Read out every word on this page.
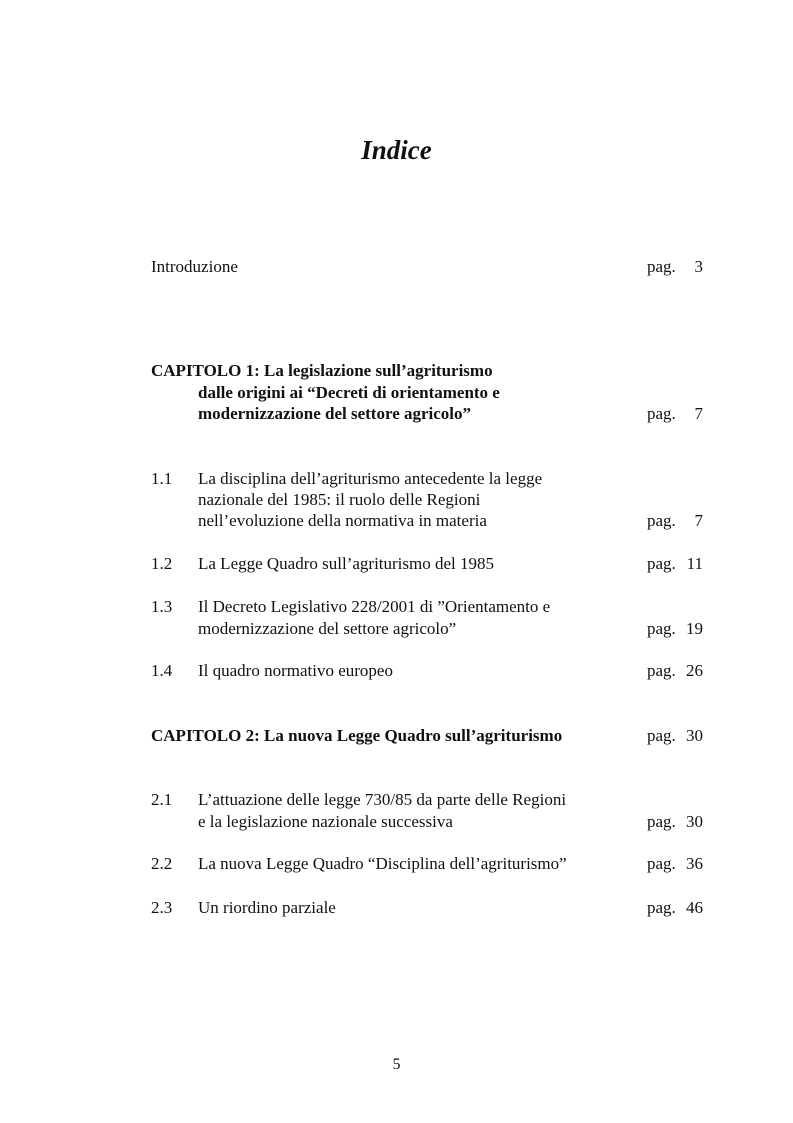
Indice
Introduzione	pag. 3
CAPITOLO 1: La legislazione sull’agriturismo
dalle origini ai “Decreti di orientamento e
modernizzazione del settore agricolo”	pag. 7
1.1 La disciplina dell’agriturismo antecedente la legge
nazionale del 1985: il ruolo delle Regioni
nell’evoluzione della normativa in materia	pag. 7
1.2 La Legge Quadro sull’agriturismo del 1985	pag. 11
1.3 Il Decreto Legislativo 228/2001 di ”Orientamento e
modernizzazione del settore agricolo”	pag. 19
1.4 Il quadro normativo europeo	pag. 26
CAPITOLO 2: La nuova Legge Quadro sull’agriturismo	pag. 30
2.1 L’attuazione delle legge 730/85 da parte delle Regioni
e la legislazione nazionale successiva	pag. 30
2.2 La nuova Legge Quadro “Disciplina dell’agriturismo”	pag. 36
2.3 Un riordino parziale	pag. 46
5
